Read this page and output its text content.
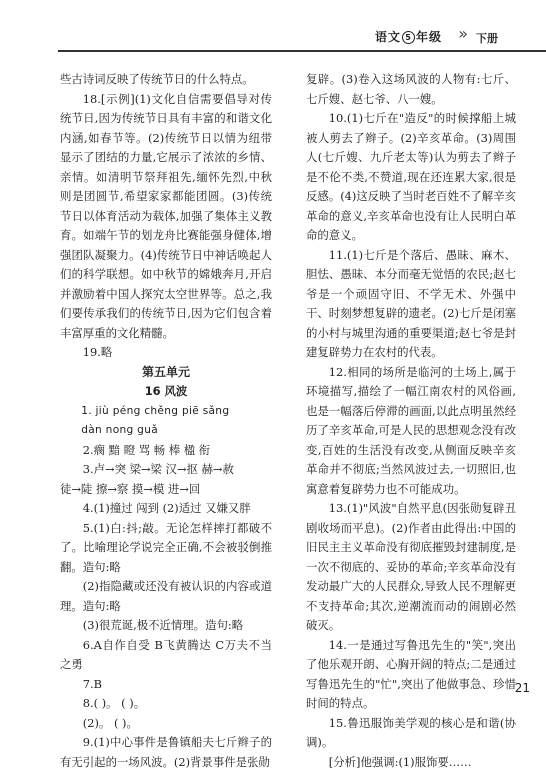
语文 5 年级 » 下册

些古诗词反映了传统节日的什么特点。

18.[示例](1)文化自信需要倡导对传统节日,因为传统节日具有丰富的和谐文化内涵,如春节等。(2)传统节日以情为纽带显示了团结的力量,它展示了浓浓的乡情、亲情。如清明节祭拜祖先,缅怀先烈,中秋则是团圆节,希望家家都能团圆。(3)传统节日以体育活动为载体,加强了集体主义教育。如端午节的划龙舟比赛能强身健体,增强团队凝聚力。(4)传统节日中神话唤起人们的科学联想。如中秋节的嫦娥奔月,开启并激励着中国人探究太空世界等。总之,我们要传承我们的传统节日,因为它们包含着丰富厚重的文化精髓。

19.略

第五单元

16 风波

1. jiù péng chěng piē sǎng

dàn nong guǎ

2.瘸 黯 瞪 骂 畅 棒 楹 衔

3.卢→突 梁→梁 汉→抠 赫→赦

徒→陡 擦→察 摸→模 进→回

4.(1)撞过 闯到 (2)适过 又嫌又胖

5.(1)白:抖;敲。无论怎样摔打都破不了。比喻理论学说完全正确,不会被驳倒推翻。造句:略

(2)指隐藏或还没有被认识的内容或道理。造句:略

(3)很荒诞,极不近情理。造句:略

6.A自作自受 B飞黄腾达 C万夫不当之勇

7.B

8.( )。 ( )。

(2)。 ( )。

9.(1)中心事件是鲁镇船夫七斤辫子的有无引起的一场风波。(2)背景事件是张勋

复辟。(3)卷入这场风波的人物有:七斤、七斤嫂、赵七爷、八一嫂。

10.(1)七斤在"造反"的时候撑船上城被人剪去了辫子。(2)辛亥革命。(3)周围人(七斤嫂、九斤老太等)认为剪去了辫子是不伦不类,不赞道,现在还连累大家,很是反感。(4)这反映了当时老百姓不了解辛亥革命的意义,辛亥革命也没有让人民明白革命的意义。

11.(1)七斤是个落后、愚昧、麻木、胆怯、愚昧、本分而毫无觉悟的农民;赵七爷是一个顽固守旧、不学无术、外强中干、时刻梦想复辟的遗老。(2)七斤是闭塞的小村与城里沟通的重要渠道;赵七爷是封建复辟势力在农村的代表。

12.相同的场所是临河的土场上,属于环境描写,描绘了一幅江南农村的风俗画,也是一幅落后停滞的画面,以此点明虽然经历了辛亥革命,可是人民的思想观念没有改变,百姓的生活没有改变,从侧面反映辛亥革命并不彻底;当然风波过去,一切照旧,也寓意着复辟势力也不可能成功。

13.(1)"风波"自然平息(因张勋复辟丑剧收场而平息)。(2)作者由此得出:中国的旧民主主义革命没有彻底摧毁封建制度,是一次不彻底的、妥协的革命;辛亥革命没有发动最广大的人民群众,导致人民不理解更不支持革命;其次,逆潮流而动的闹剧必然破灭。

14.一是通过写鲁迅先生的"笑",突出了他乐观开朗、心胸开阔的特点;二是通过写鲁迅先生的"忙",突出了他做事急、珍惜时间的特点。

15.鲁迅服饰美学观的核心是和谐(协调)。

[分析]他强调:(1)服饰要……

21
